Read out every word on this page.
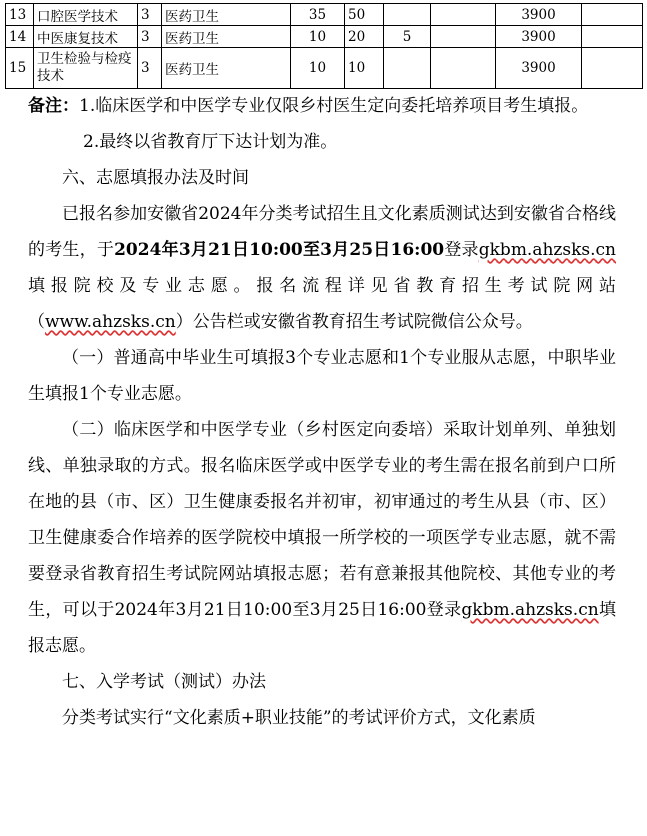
13	口腔医学技术	3	医药卫生	35	50			3900	
14	中医康复技术	3	医药卫生	10	20	5		3900	
15	卫生检验与检疫技术	3	医药卫生	10	10			3900	

备注：1.临床医学和中医学专业仅限乡村医生定向委托培养项目考生填报。

2.最终以省教育厅下达计划为准。

六、志愿填报办法及时间

已报名参加安徽省2024年分类考试招生且文化素质测试达到安徽省合格线的考生，于2024年3月21日10:00至3月25日16:00登录gkbm.ahzsks.cn填报院校及专业志愿。报名流程详见省教育招生考试院网站（www.ahzsks.cn）公告栏或安徽省教育招生考试院微信公众号。

（一）普通高中毕业生可填报3个专业志愿和1个专业服从志愿，中职毕业生填报1个专业志愿。

（二）临床医学和中医学专业（乡村医定向委培）采取计划单列、单独划线、单独录取的方式。报名临床医学或中医学专业的考生需在报名前到户口所在地的县（市、区）卫生健康委报名并初审，初审通过的考生从县（市、区）卫生健康委合作培养的医学院校中填报一所学校的一项医学专业志愿，就不需要登录省教育招生考试院网站填报志愿；若有意兼报其他院校、其他专业的考生，可以于2024年3月21日10:00至3月25日16:00登录gkbm.ahzsks.cn填报志愿。

七、入学考试（测试）办法

分类考试实行“文化素质+职业技能”的考试评价方式，文化素质
